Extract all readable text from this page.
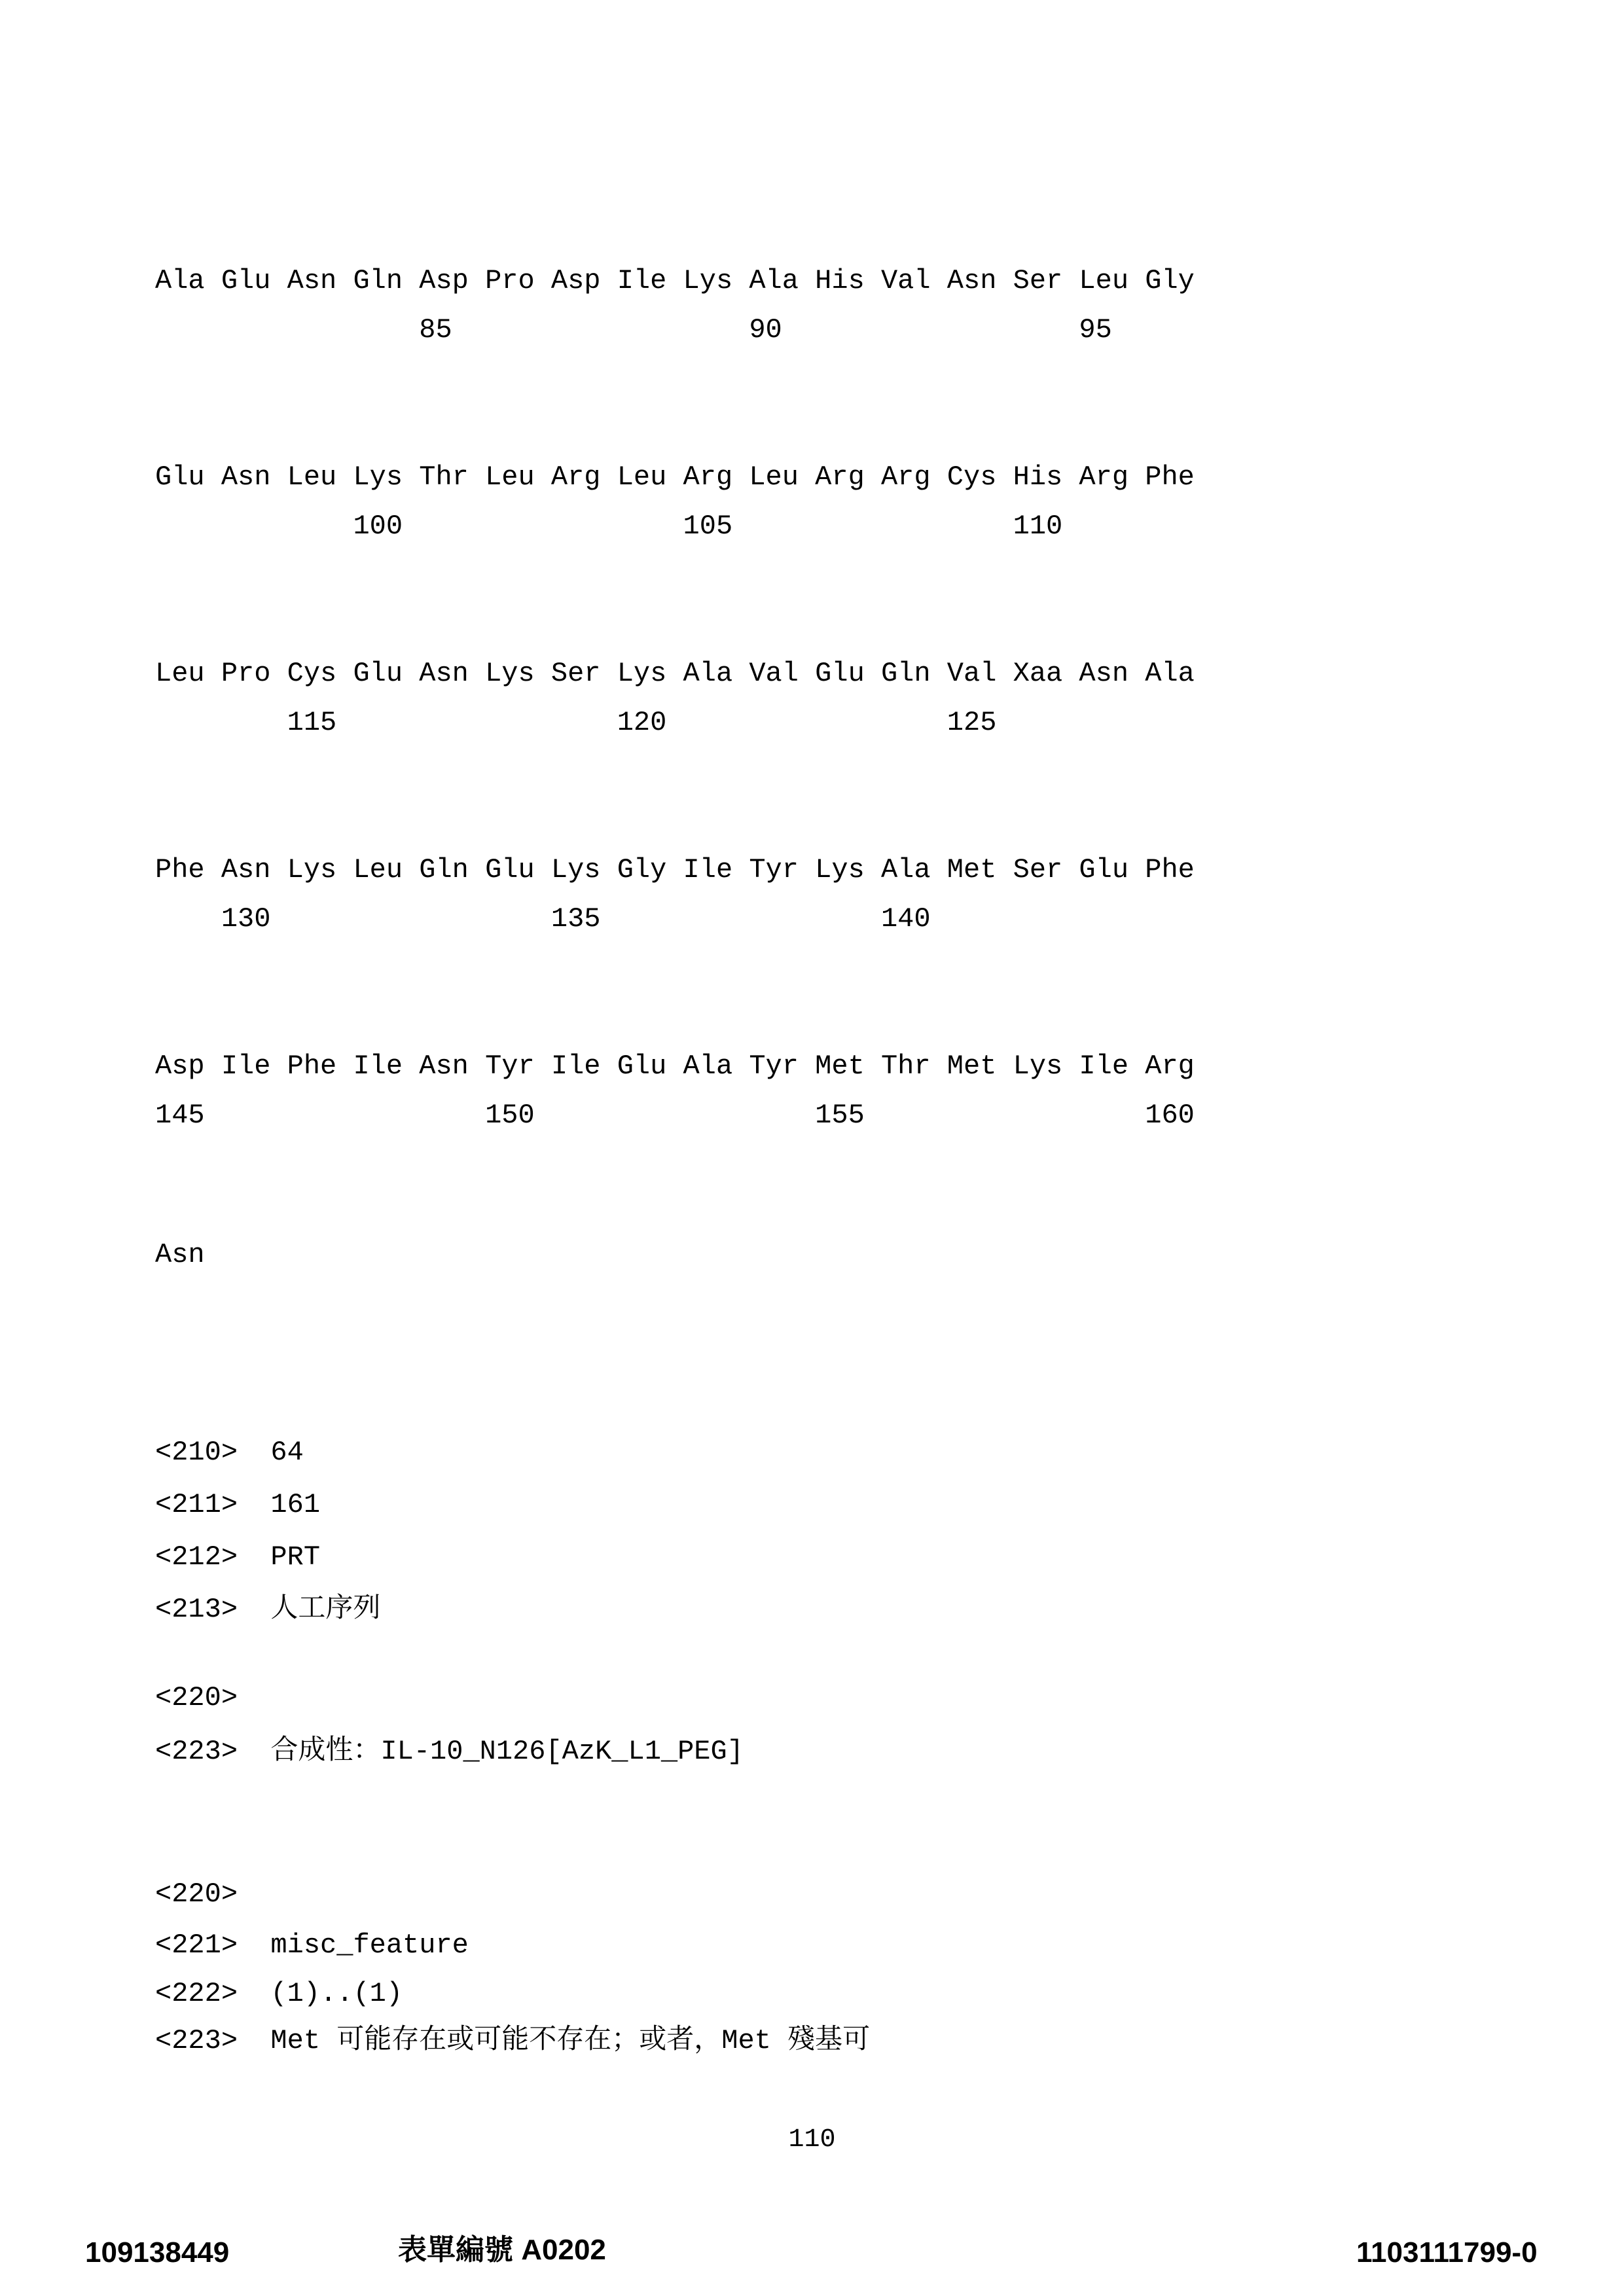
Ala Glu Asn Gln Asp Pro Asp Ile Lys Ala His Val Asn Ser Leu Gly
85                  90                  95
Glu Asn Leu Lys Thr Leu Arg Leu Arg Leu Arg Arg Cys His Arg Phe
100                 105                 110
Leu Pro Cys Glu Asn Lys Ser Lys Ala Val Glu Gln Val Xaa Asn Ala
115                 120                 125
Phe Asn Lys Leu Gln Glu Lys Gly Ile Tyr Lys Ala Met Ser Glu Phe
130                 135                 140
Asp Ile Phe Ile Asn Tyr Ile Glu Ala Tyr Met Thr Met Lys Ile Arg
145                 150                 155                 160
Asn
<210>  64
<211>  161
<212>  PRT
<213>  人工序列
<220>
<223>  合成性：IL-10_N126[AzK_L1_PEG]
<220>
<221>  misc_feature
<222>  (1)..(1)
<223>  Met 可能存在或可能不存在；或者，Met 殘基可
110
109138449	表單編號 A0202	1103111799-0
